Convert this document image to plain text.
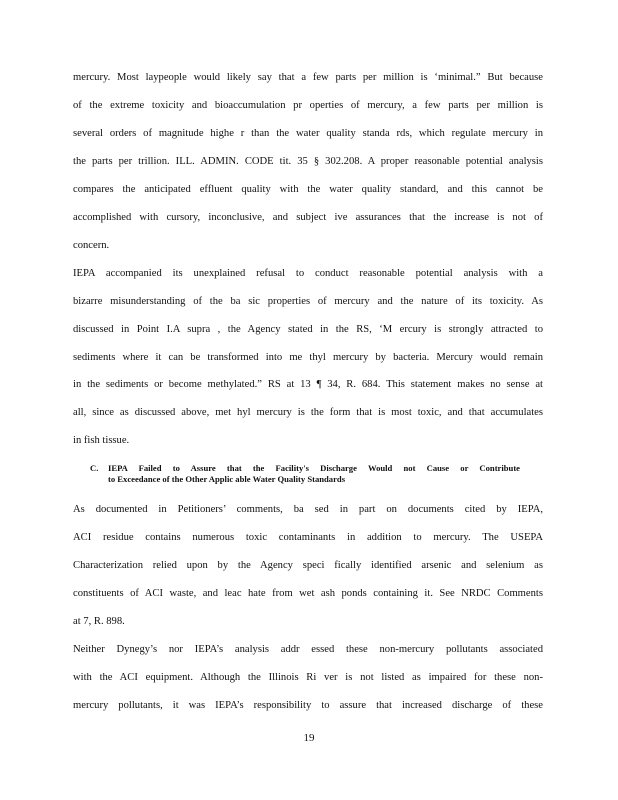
mercury. Most laypeople would likely say that a few parts per million is ‘minimal.” But because
of the extreme toxicity and bioaccumulation pr operties of mercury, a few parts per million is
several orders of magnitude highe r than the water quality standa rds, which regulate mercury in
the parts per trillion. ILL. ADMIN. CODE tit. 35 § 302.208. A proper reasonable potential analysis
compares the anticipated effluent quality with the water quality standard, and this cannot be
accomplished with cursory, inconclusive, and subject ive assurances that the increase is not of
concern.
IEPA accompanied its unexplained refusal to conduct reasonable potential analysis with a
bizarre misunderstanding of the ba sic properties of mercury and the nature of its toxicity. As
discussed in Point I.A supra , the Agency stated in the RS, ‘M ercury is strongly attracted to
sediments where it can be transformed into me thyl mercury by bacteria. Mercury would remain
in the sediments or become methylated.” RS at 13 ¶ 34, R. 684. This statement makes no sense at
all, since as discussed above, met hyl mercury is the form that is most toxic, and that accumulates
in fish tissue.
C. IEPA Failed to Assure that the Facility's Discharge Would not Cause or Contribute
to Exceedance of the Other Applic able Water Quality Standards
As documented in Petitioners’ comments, ba sed in part on documents cited by IEPA,
ACI residue contains numerous toxic contaminants in addition to mercury. The USEPA
Characterization relied upon by the Agency speci fically identified arsenic and selenium as
constituents of ACI waste, and leac hate from wet ash ponds containing it. See NRDC Comments
at 7, R. 898.
Neither Dynegy’s nor IEPA’s analysis addr essed these non-mercury pollutants associated
with the ACI equipment. Although the Illinois Ri ver is not listed as impaired for these non-
mercury pollutants, it was IEPA’s responsibility to assure that increased discharge of these
19
